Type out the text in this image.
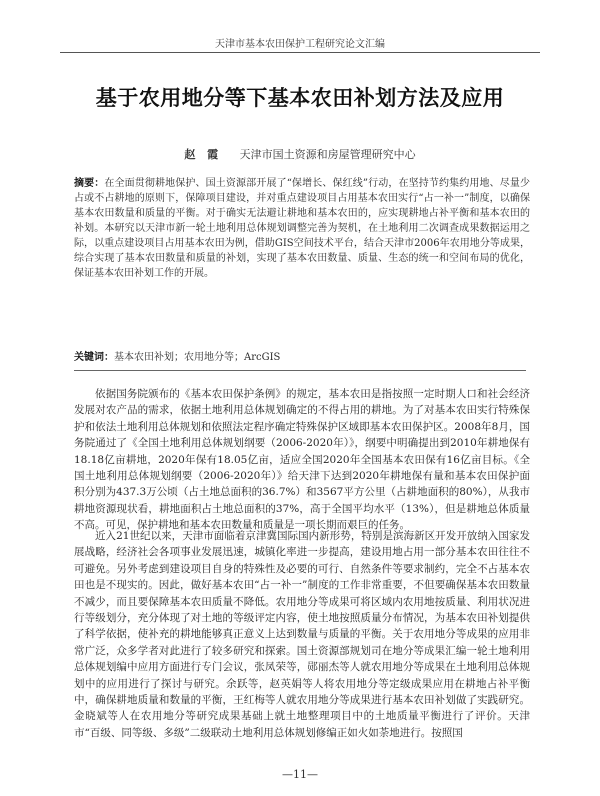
天津市基本农田保护工程研究论文汇编
基于农用地分等下基本农田补划方法及应用
赵 霞 天津市国土资源和房屋管理研究中心
摘要：在全面贯彻耕地保护、国土资源部开展了“保增长、保红线”行动，在坚持节约集约用地、尽量少占或不占耕地的原则下，保障项目建设，并对重点建设项目占用基本农田实行“占一补一”制度，以确保基本农田数量和质量的平衡。对于确实无法避让耕地和基本农田的，应实现耕地占补平衡和基本农田的补划。本研究以天津市新一轮土地利用总体规划调整完善为契机，在土地利用二次调查成果数据运用之际，以重点建设项目占用基本农田为例，借助GIS空间技术平台，结合天津市2006年农用地分等成果，综合实现了基本农田数量和质量的补划，实现了基本农田数量、质量、生态的统一和空间布局的优化，保证基本农田补划工作的开展。
关键词：基本农田补划；农用地分等；ArcGIS

依据国务院颁布的《基本农田保护条例》的规定，基本农田是指按照一定时期人口和社会经济发展对农产品的需求，依据土地利用总体规划确定的不得占用的耕地。为了对基本农田实行特殊保护和依法土地利用总体规划和依照法定程序确定特殊保护区域即基本农田保护区。2008年8月，国务院通过了《全国土地利用总体规划纲要（2006-2020年）》，纲要中明确提出到2010年耕地保有18.18亿亩耕地，2020年保有18.05亿亩，适应全国2020年全国基本农田保有16亿亩目标。《全国土地利用总体规划纲要（2006-2020年）》给天津下达到2020年耕地保有量和基本农田保护面积分别为437.3万公顷（占土地总面积的36.7%）和3567平方公里（占耕地面积的80%），从我市耕地资源现状看，耕地面积占土地总面积的37%，高于全国平均水平（13%），但是耕地总体质量不高。可见，保护耕地和基本农田数量和质量是一项长期而艰巨的任务。

近入21世纪以来，天津市面临着京津冀国际国内新形势，特别是滨海新区开发开放纳入国家发展战略，经济社会各项事业发展迅速，城镇化率进一步提高，建设用地占用一部分基本农田往往不可避免。另外考虑到建设项目自身的特殊性及必要的可行、自然条件等要求制约，完全不占基本农田也是不现实的。因此，做好基本农田“占一补一”制度的工作非常重要，不但要确保基本农田数量不减少，而且要保障基本农田质量不降低。农用地分等成果可将区域内农用地按质量、利用状况进行等级划分，充分体现了对土地的等级评定内容，使土地按照质量分布情况，为基本农田补划提供了科学依据，使补充的耕地能够真正意义上达到数量与质量的平衡。关于农用地分等成果的应用非常广泛，众多学者对此进行了较多研究和探索。国土资源部规划司在地分等成果汇编一轮土地利用总体规划编中应用方面进行专门会议，张凤荣等，郧丽杰等人就农用地分等成果在土地利用总体规划中的应用进行了探讨与研究。余跃等，赵英娟等人将农用地分等定级成果应用在耕地占补平衡中，确保耕地质量和数量的平衡，王红梅等人就农用地分等成果进行基本农田补划做了实践研究。金晓斌等人在农用地分等研究成果基础上就土地整理项目中的土地质量平衡进行了评价。天津市“百级、同等级、多级”二级联动土地利用总体规划修编正如火如荼地进行。按照国

—11—
